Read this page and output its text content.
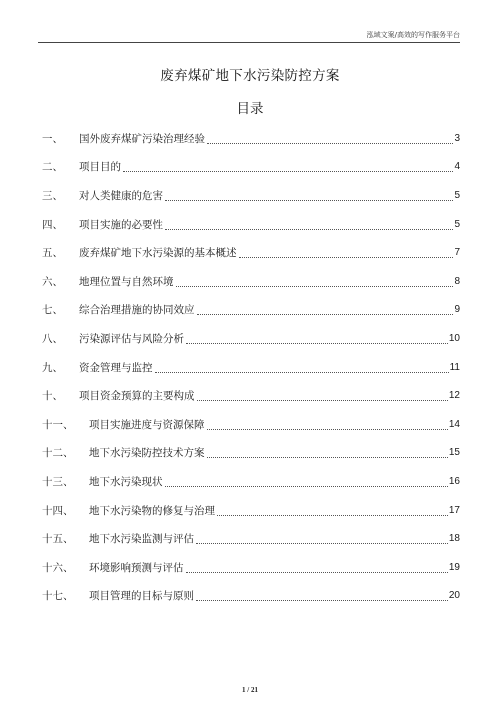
泓域文案/高效的写作服务平台
废弃煤矿地下水污染防控方案
目录
一、	国外废弃煤矿污染治理经验	3
二、	项目目的	4
三、	对人类健康的危害	5
四、	项目实施的必要性	5
五、	废弃煤矿地下水污染源的基本概述	7
六、	地理位置与自然环境	8
七、	综合治理措施的协同效应	9
八、	污染源评估与风险分析	10
九、	资金管理与监控	11
十、	项目资金预算的主要构成	12
十一、	项目实施进度与资源保障	14
十二、	地下水污染防控技术方案	15
十三、	地下水污染现状	16
十四、	地下水污染物的修复与治理	17
十五、	地下水污染监测与评估	18
十六、	环境影响预测与评估	19
十七、	项目管理的目标与原则	20
1 / 21
